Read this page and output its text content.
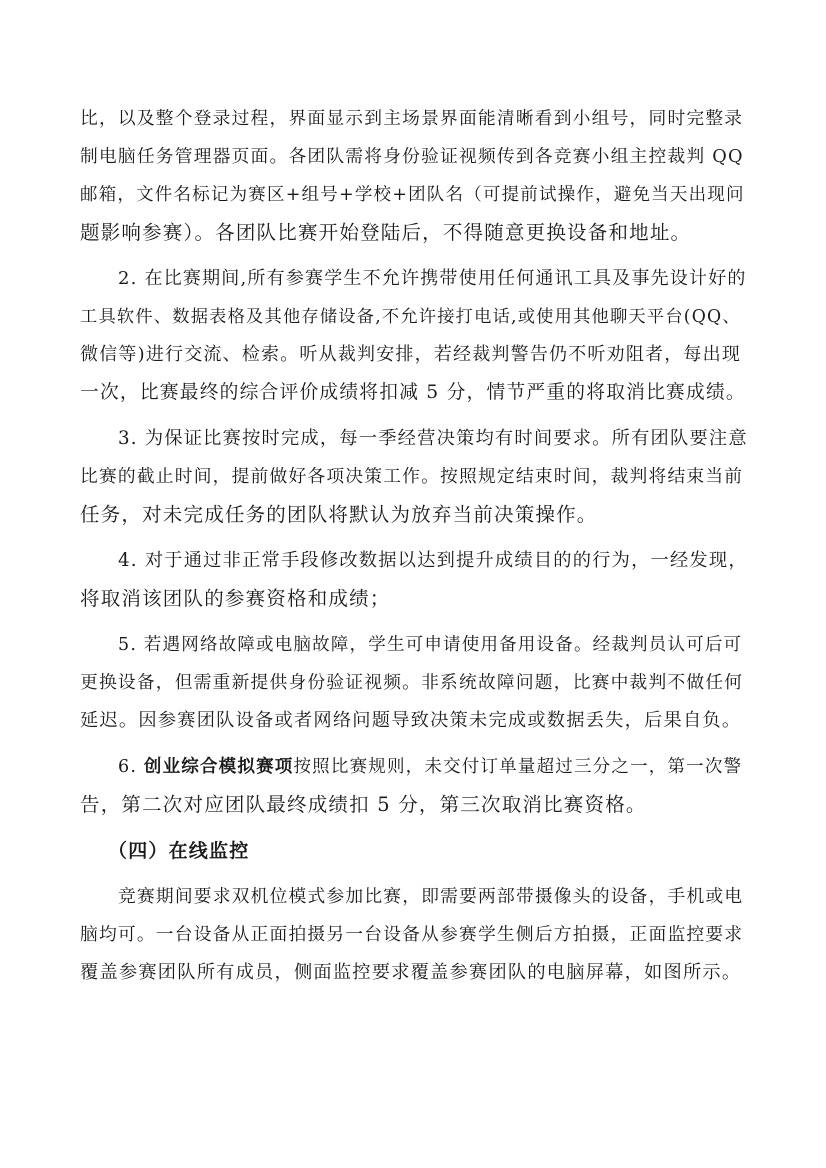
比，以及整个登录过程，界面显示到主场景界面能清晰看到小组号，同时完整录
制电脑任务管理器页面。各团队需将身份验证视频传到各竞赛小组主控裁判 QQ
邮箱，文件名标记为赛区+组号+学校+团队名（可提前试操作，避免当天出现问
题影响参赛）。各团队比赛开始登陆后，不得随意更换设备和地址。
2. 在比赛期间,所有参赛学生不允许携带使用任何通讯工具及事先设计好的
工具软件、数据表格及其他存储设备,不允许接打电话,或使用其他聊天平台(QQ、
微信等)进行交流、检索。听从裁判安排，若经裁判警告仍不听劝阻者，每出现
一次，比赛最终的综合评价成绩将扣减 5 分，情节严重的将取消比赛成绩。
3. 为保证比赛按时完成，每一季经营决策均有时间要求。所有团队要注意
比赛的截止时间，提前做好各项决策工作。按照规定结束时间，裁判将结束当前
任务，对未完成任务的团队将默认为放弃当前决策操作。
4. 对于通过非正常手段修改数据以达到提升成绩目的的行为，一经发现，
将取消该团队的参赛资格和成绩；
5. 若遇网络故障或电脑故障，学生可申请使用备用设备。经裁判员认可后可
更换设备，但需重新提供身份验证视频。非系统故障问题，比赛中裁判不做任何
延迟。因参赛团队设备或者网络问题导致决策未完成或数据丢失，后果自负。
6. 创业综合模拟赛项按照比赛规则，未交付订单量超过三分之一，第一次警
告，第二次对应团队最终成绩扣 5 分，第三次取消比赛资格。
（四）在线监控
竞赛期间要求双机位模式参加比赛，即需要两部带摄像头的设备，手机或电
脑均可。一台设备从正面拍摄另一台设备从参赛学生侧后方拍摄，正面监控要求
覆盖参赛团队所有成员，侧面监控要求覆盖参赛团队的电脑屏幕，如图所示。
